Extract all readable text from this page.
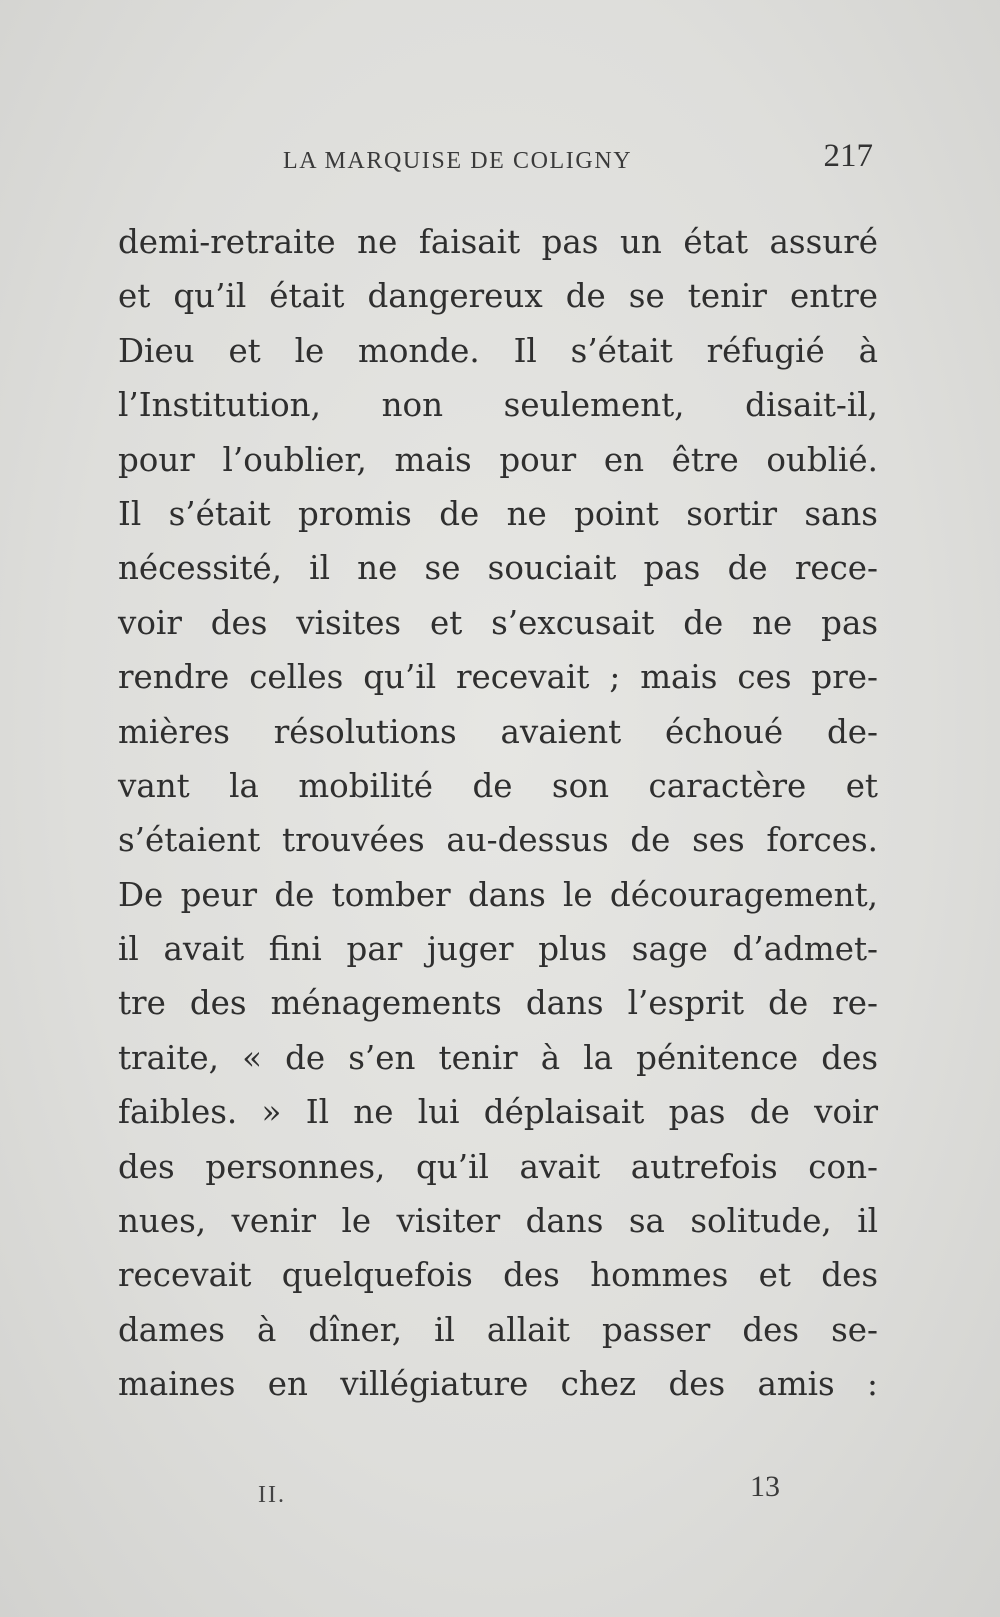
LA MARQUISE DE COLIGNY	217
demi-retraite ne faisait pas un état assuré
et qu’il était dangereux de se tenir entre
Dieu et le monde. Il s’était réfugié à
l’Institution, non seulement, disait-il,
pour l’oublier, mais pour en être oublié.
Il s’était promis de ne point sortir sans
nécessité, il ne se souciait pas de rece-
voir des visites et s’excusait de ne pas
rendre celles qu’il recevait ; mais ces pre-
mières résolutions avaient échoué de-
vant la mobilité de son caractère et
s’étaient trouvées au-dessus de ses forces.
De peur de tomber dans le découragement,
il avait fini par juger plus sage d’admet-
tre des ménagements dans l’esprit de re-
traite, « de s’en tenir à la pénitence des
faibles. » Il ne lui déplaisait pas de voir
des personnes, qu’il avait autrefois con-
nues, venir le visiter dans sa solitude, il
recevait quelquefois des hommes et des
dames à dîner, il allait passer des se-
maines en villégiature chez des amis :
II.	13
